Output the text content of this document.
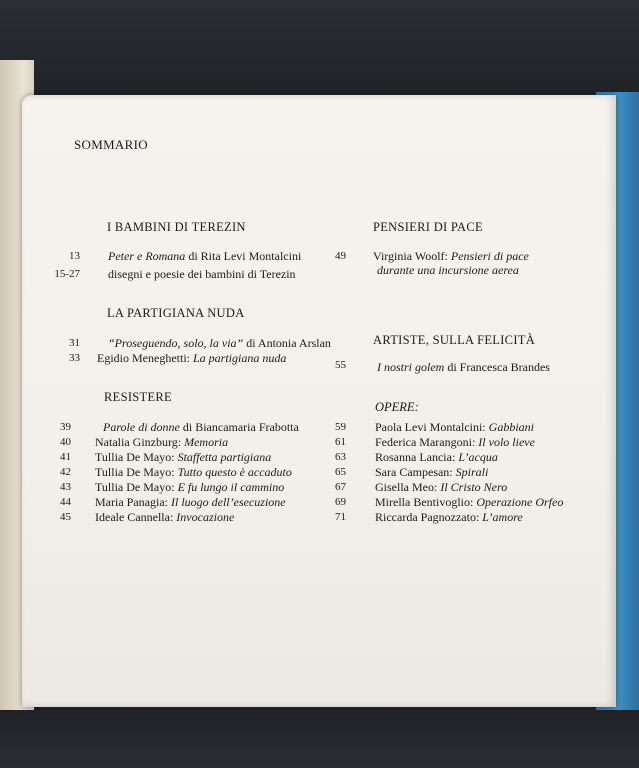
SOMMARIO
I BAMBINI DI TEREZIN
13 Peter e Romana di Rita Levi Montalcini
15-27 disegni e poesie dei bambini di Terezin
LA PARTIGIANA NUDA
31 “Proseguendo, solo, la via” di Antonia Arslan
33 Egidio Meneghetti: La partigiana nuda
RESISTERE
39	Parole di donne di Biancamaria Frabotta
40 Natalia Ginzburg: Memoria
41 Tullia De Mayo: Staffetta partigiana
42 Tullia De Mayo: Tutto questo è accaduto
43 Tullia De Mayo: E fu lungo il cammino
44 Maria Panagia: Il luogo dell’esecuzione
45 Ideale Cannella: Invocazione
PENSIERI DI PACE
49 Virginia Woolf: Pensieri di pace
durante una incursione aerea
ARTISTE, SULLA FELICITÀ
55	I nostri golem di Francesca Brandes
OPERE:
59 Paola Levi Montalcini: Gabbiani
61 Federica Marangoni: Il volo lieve
63 Rosanna Lancia: L’acqua
65 Sara Campesan: Spirali
67 Gisella Meo: Il Cristo Nero
69 Mirella Bentivoglio: Operazione Orfeo
71 Riccarda Pagnozzato: L’amore
